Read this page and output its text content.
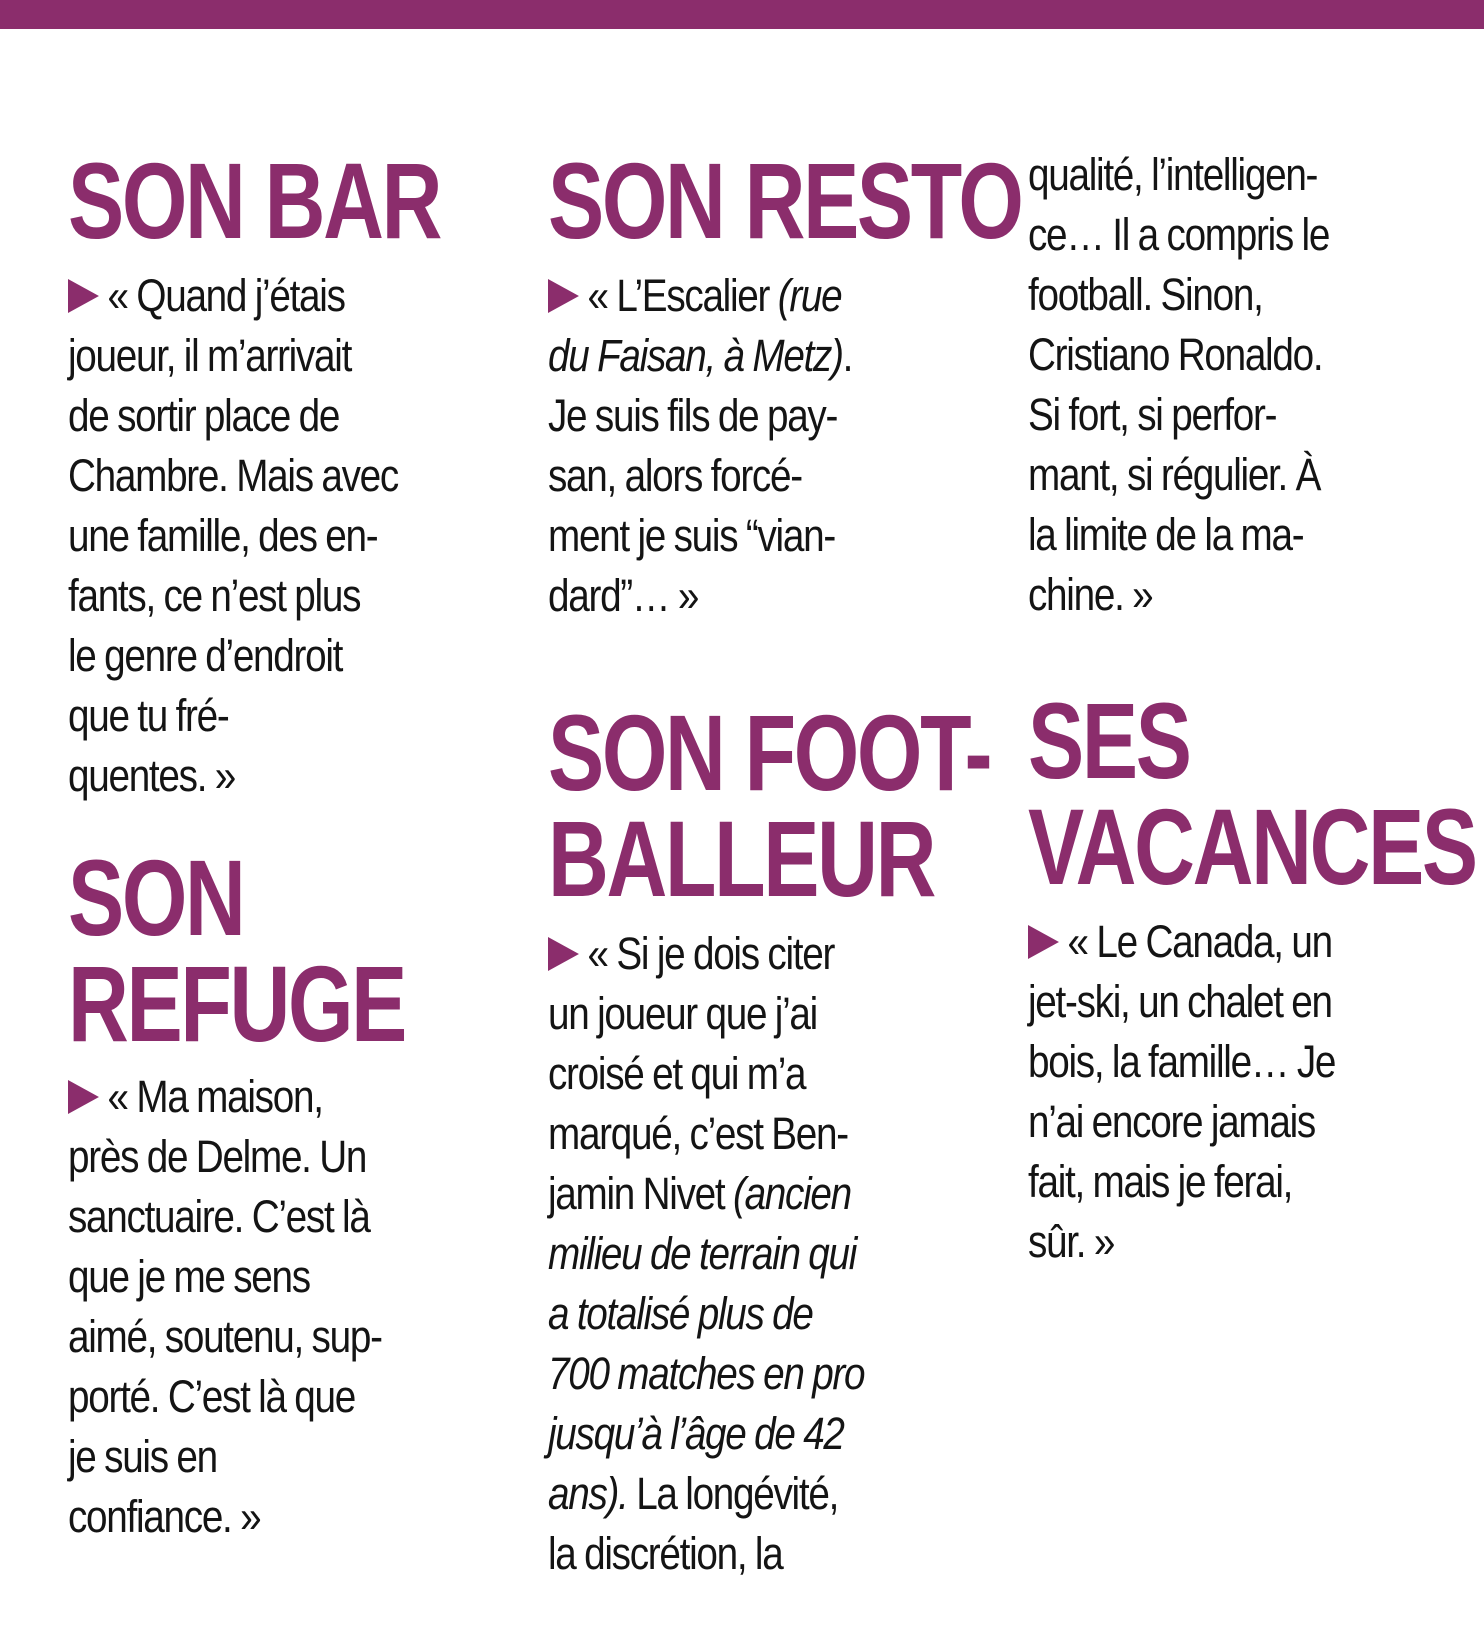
SON BAR
« Quand j’étais
joueur, il m’arrivait
de sortir place de
Chambre. Mais avec
une famille, des en-
fants, ce n’est plus
le genre d’endroit
que tu fré-
quentes. »
SON
REFUGE
« Ma maison,
près de Delme. Un
sanctuaire. C’est là
que je me sens
aimé, soutenu, sup-
porté. C’est là que
je suis en
confiance. »
SON RESTO
« L’Escalier (rue
du Faisan, à Metz).
Je suis fils de pay-
san, alors forcé-
ment je suis “vian-
dard”… »
SON FOOT-
BALLEUR
« Si je dois citer
un joueur que j’ai
croisé et qui m’a
marqué, c’est Ben-
jamin Nivet (ancien
milieu de terrain qui
a totalisé plus de
700 matches en pro
jusqu’à l’âge de 42
ans). La longévité,
la discrétion, la
qualité, l’intelligen-
ce… Il a compris le
football. Sinon,
Cristiano Ronaldo.
Si fort, si perfor-
mant, si régulier. À
la limite de la ma-
chine. »
SES
VACANCES
« Le Canada, un
jet-ski, un chalet en
bois, la famille… Je
n’ai encore jamais
fait, mais je ferai,
sûr. »
